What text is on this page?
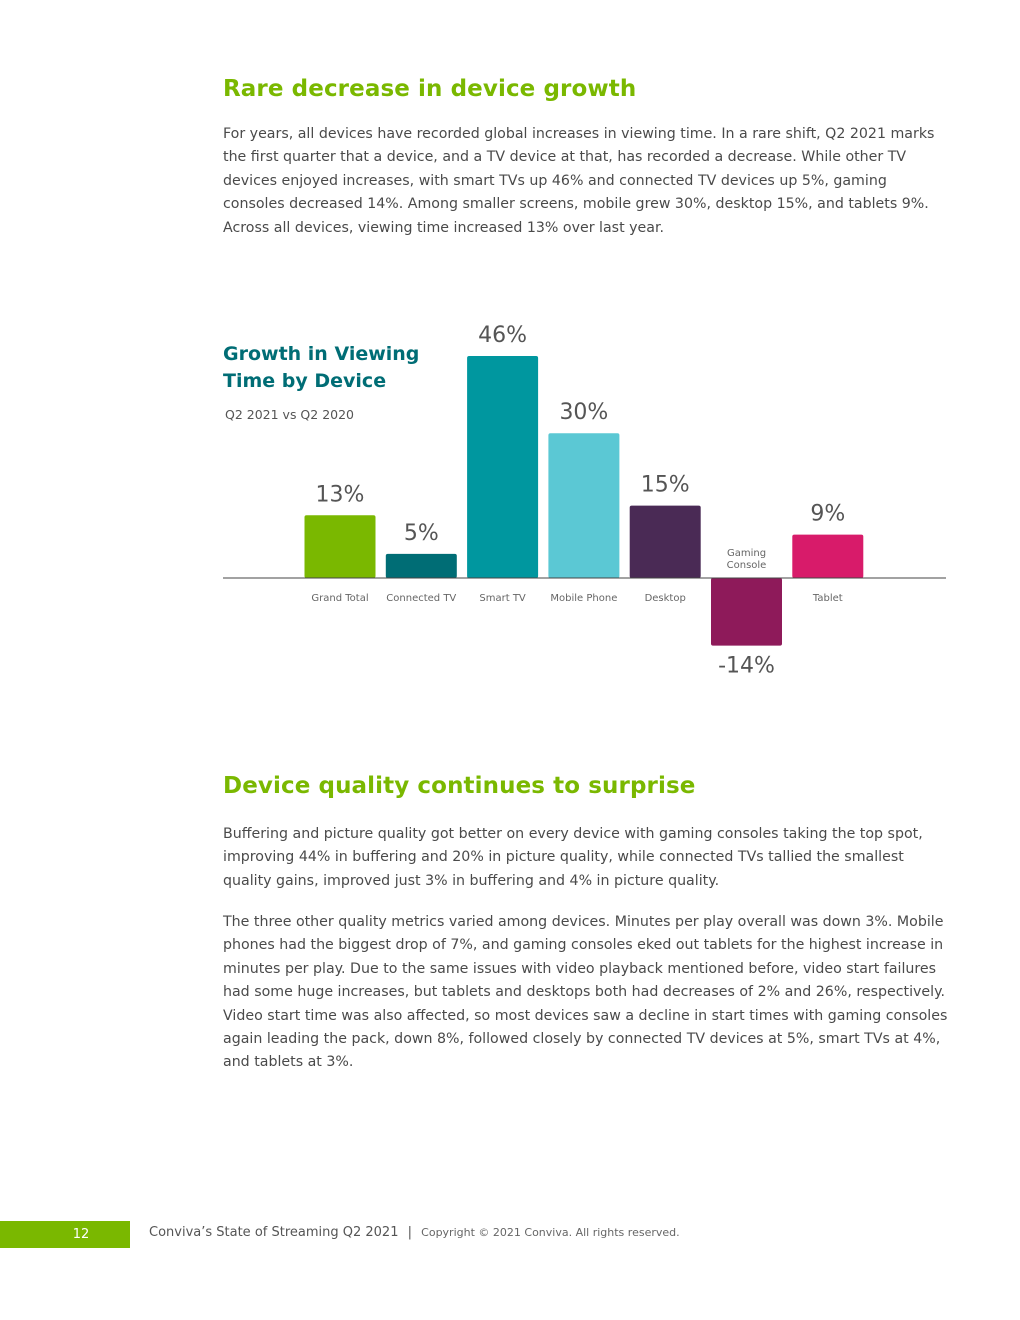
Rare decrease in device growth

For years, all devices have recorded global increases in viewing time. In a rare shift, Q2 2021 marks the first quarter that a device, and a TV device at that, has recorded a decrease. While other TV devices enjoyed increases, with smart TVs up 46% and connected TV devices up 5%, gaming consoles decreased 14%. Among smaller screens, mobile grew 30%, desktop 15%, and tablets 9%. Across all devices, viewing time increased 13% over last year.

13%
Grand Total
5%
Connected TV
46%
Smart TV
30%
Mobile Phone
15%
Desktop
-14%
Gaming Console
9%
Tablet
Growth in Viewing
Time by Device
Q2 2021 vs Q2 2020
Device quality continues to surprise

Buffering and picture quality got better on every device with gaming consoles taking the top spot, improving 44% in buffering and 20% in picture quality, while connected TVs tallied the smallest quality gains, improved just 3% in buffering and 4% in picture quality.

The three other quality metrics varied among devices. Minutes per play overall was down 3%. Mobile phones had the biggest drop of 7%, and gaming consoles eked out tablets for the highest increase in minutes per play. Due to the same issues with video playback mentioned before, video start failures had some huge increases, but tablets and desktops both had decreases of 2% and 26%, respectively. Video start time was also affected, so most devices saw a decline in start times with gaming consoles again leading the pack, down 8%, followed closely by connected TV devices at 5%, smart TVs at 4%, and tablets at 3%.

12	Conviva’s State of Streaming Q2 2021 | Copyright © 2021 Conviva. All rights reserved.
